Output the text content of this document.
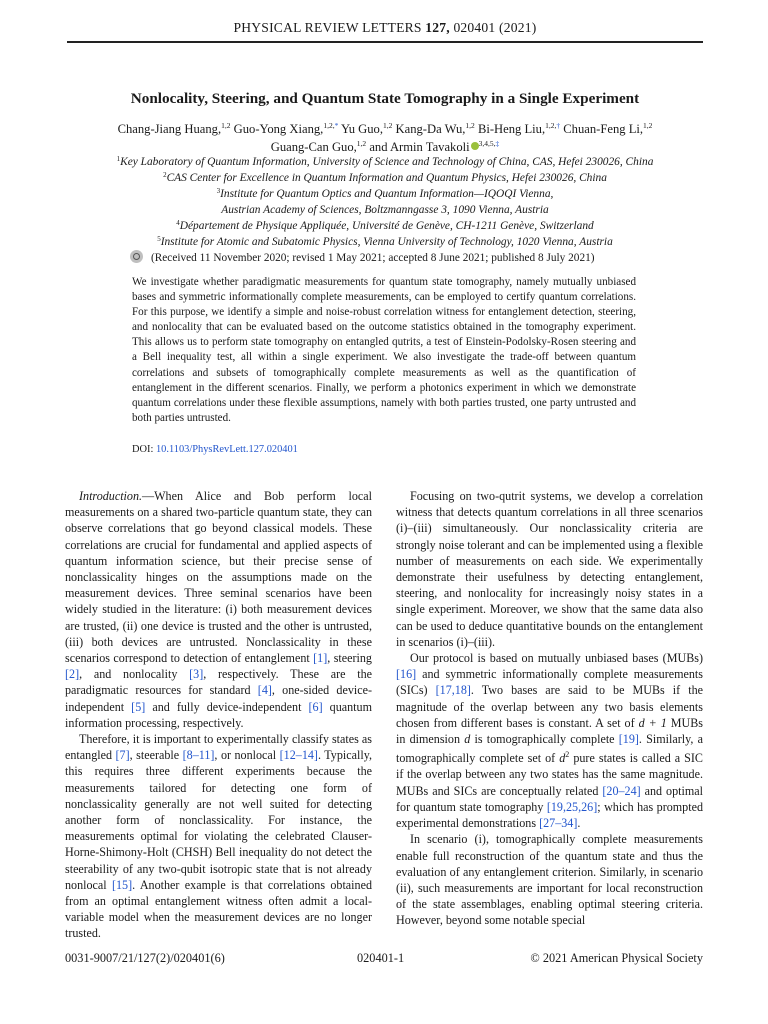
PHYSICAL REVIEW LETTERS 127, 020401 (2021)
Nonlocality, Steering, and Quantum State Tomography in a Single Experiment
Chang-Jiang Huang,$^{1,2}$ Guo-Yong Xiang,$^{1,2,*}$ Yu Guo,$^{1,2}$ Kang-Da Wu,$^{1,2}$ Bi-Heng Liu,$^{1,2,\dagger}$ Chuan-Feng Li,$^{1,2}$
Guang-Can Guo,$^{1,2}$ and Armin Tavakoli $^{3,4,5,\ddagger}$
$^1$Key Laboratory of Quantum Information, University of Science and Technology of China, CAS, Hefei 230026, China
$^2$CAS Center for Excellence in Quantum Information and Quantum Physics, Hefei 230026, China
$^3$Institute for Quantum Optics and Quantum Information—IQOQI Vienna,
Austrian Academy of Sciences, Boltzmanngasse 3, 1090 Vienna, Austria
$^4$Département de Physique Appliquée, Université de Genève, CH-1211 Genève, Switzerland
$^5$Institute for Atomic and Subatomic Physics, Vienna University of Technology, 1020 Vienna, Austria
(Received 11 November 2020; revised 1 May 2021; accepted 8 June 2021; published 8 July 2021)
We investigate whether paradigmatic measurements for quantum state tomography, namely mutually unbiased bases and symmetric informationally complete measurements, can be employed to certify quantum correlations. For this purpose, we identify a simple and noise-robust correlation witness for entanglement detection, steering, and nonlocality that can be evaluated based on the outcome statistics obtained in the tomography experiment. This allows us to perform state tomography on entangled qutrits, a test of Einstein-Podolsky-Rosen steering and a Bell inequality test, all within a single experiment. We also investigate the trade-off between quantum correlations and subsets of tomographically complete measurements as well as the quantification of entanglement in the different scenarios. Finally, we perform a photonics experiment in which we demonstrate quantum correlations under these flexible assumptions, namely with both parties trusted, one party untrusted and both parties untrusted.
DOI: 10.1103/PhysRevLett.127.020401

Introduction.—When Alice and Bob perform local measurements on a shared two-particle quantum state, they can observe correlations that go beyond classical models. These correlations are crucial for fundamental and applied aspects of quantum information science, but their precise sense of nonclassicality hinges on the assumptions made on the measurement devices. Three seminal scenarios have been widely studied in the literature: (i) both measurement devices are trusted, (ii) one device is trusted and the other is untrusted, (iii) both devices are untrusted. Nonclassicality in these scenarios correspond to detection of entanglement [1], steering [2], and nonlocality [3], respectively. These are the paradigmatic resources for standard [4], one-sided device-independent [5] and fully device-independent [6] quantum information processing, respectively.

Therefore, it is important to experimentally classify states as entangled [7], steerable [8–11], or nonlocal [12–14]. Typically, this requires three different experiments because the measurements tailored for detecting one form of nonclassicality generally are not well suited for detecting another form of nonclassicality. For instance, the measurements optimal for violating the celebrated Clauser-Horne-Shimony-Holt (CHSH) Bell inequality do not detect the steerability of any two-qubit isotropic state that is not already nonlocal [15]. Another example is that correlations obtained from an optimal entanglement witness often admit a local-variable model when the measurement devices are no longer trusted.

Focusing on two-qutrit systems, we develop a correlation witness that detects quantum correlations in all three scenarios (i)–(iii) simultaneously. Our nonclassicality criteria are strongly noise tolerant and can be implemented using a flexible number of measurements on each side. We experimentally demonstrate their usefulness by detecting entanglement, steering, and nonlocality for increasingly noisy states in a single experiment. Moreover, we show that the same data also can be used to deduce quantitative bounds on the entanglement in scenarios (i)–(iii).

Our protocol is based on mutually unbiased bases (MUBs) [16] and symmetric informationally complete measurements (SICs) [17,18]. Two bases are said to be MUBs if the magnitude of the overlap between any two basis elements chosen from different bases is constant. A set of d + 1 MUBs in dimension d is tomographically complete [19]. Similarly, a tomographically complete set of $d^2$ pure states is called a SIC if the overlap between any two states has the same magnitude. MUBs and SICs are conceptually related [20–24] and optimal for quantum state tomography [19,25,26]; which has prompted experimental demonstrations [27–34].

In scenario (i), tomographically complete measurements enable full reconstruction of the quantum state and thus the evaluation of any entanglement criterion. Similarly, in scenario (ii), such measurements are important for local reconstruction of the state assemblages, enabling optimal steering criteria. However, beyond some notable special

0031-9007/21/127(2)/020401(6)	020401-1	© 2021 American Physical Society
